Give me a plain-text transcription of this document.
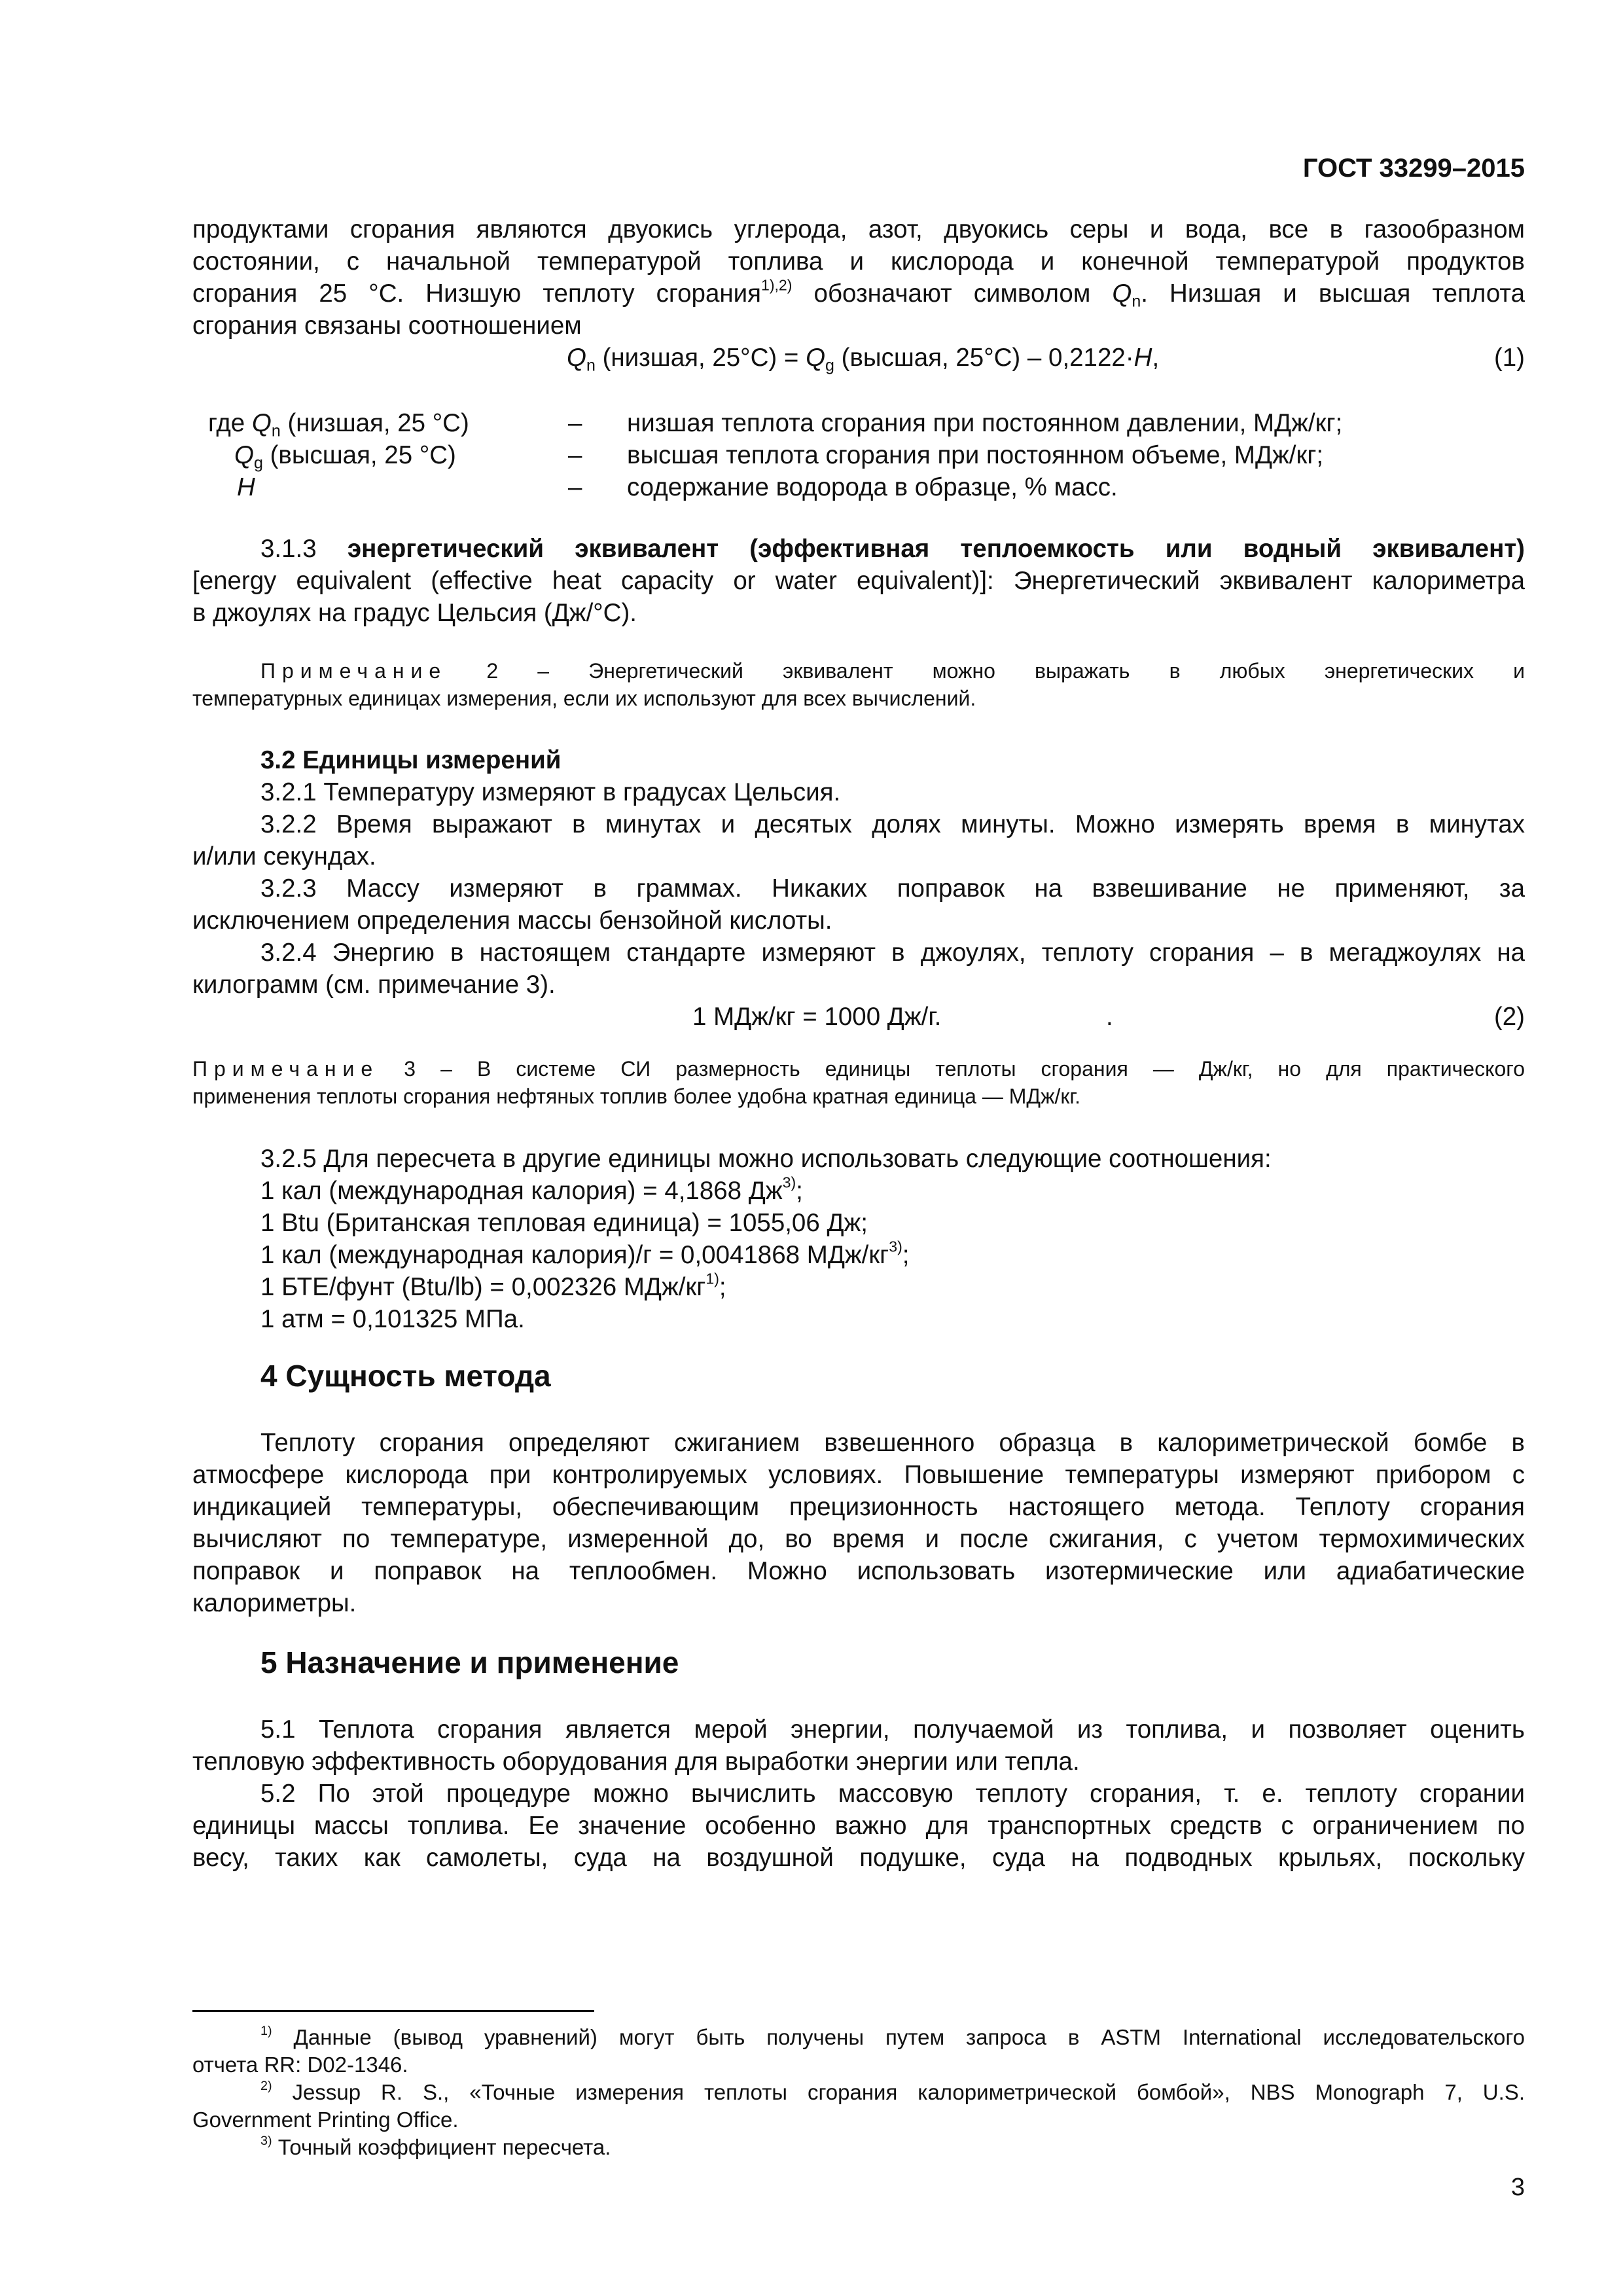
ГОСТ 33299–2015
продуктами сгорания являются двуокись углерода, азот, двуокись серы и вода, все в газообразном
состоянии, с начальной температурой топлива и кислорода и конечной температурой продуктов
сгорания 25 °C. Низшую теплоту сгорания$^{1),2)}$ обозначают символом $Q_n$. Низшая и высшая теплота
сгорания связаны соотношением
$Q_n$ (низшая, $25^\circ C) = Q_g$ (высшая, 25°C) – 0,2122·H,	(1)
где $Q_n$ (низшая, 25 °C)	– низшая теплота сгорания при постоянном давлении, МДж/кг;
$Q_g$ (высшая, 25 °C)	– высшая теплота сгорания при постоянном объеме, МДж/кг;
H	– содержание водорода в образце, % масс.
3.1.3 энергетический эквивалент (эффективная теплоемкость или водный эквивалент)
[energy equivalent (effective heat capacity or water equivalent)]: Энергетический эквивалент калориметра
в джоулях на градус Цельсия (Дж/°С).
Примечание 2 – Энергетический эквивалент можно выражать в любых энергетических и
температурных единицах измерения, если их используют для всех вычислений.
3.2 Единицы измерений
3.2.1 Температуру измеряют в градусах Цельсия.
3.2.2 Время выражают в минутах и десятых долях минуты. Можно измерять время в минутах
и/или секундах.
3.2.3 Массу измеряют в граммах. Никаких поправок на взвешивание не применяют, за
исключением определения массы бензойной кислоты.
3.2.4 Энергию в настоящем стандарте измеряют в джоулях, теплоту сгорания – в мегаджоулях на
килограмм (см. примечание 3).
1 МДж/кг = 1000 Дж/г.	.	(2)
Примечание 3 – В системе СИ размерность единицы теплоты сгорания — Дж/кг, но для практического
применения теплоты сгорания нефтяных топлив более удобна кратная единица — МДж/кг.
3.2.5 Для пересчета в другие единицы можно использовать следующие соотношения:
1 кал (международная калория) = 4,1868 $Дж^{3)}$;
1 Btu (Британская тепловая единица) = 1055,06 Дж;
1 кал (международная калория)/г = 0,0041868 МДж/$кг^{3)}$;
1 БТЕ/фунт (Btu/lb) = 0,002326 МДж/$кг^{1)}$;
1 атм = 0,101325 МПа.
4 Сущность метода
Теплоту сгорания определяют сжиганием взвешенного образца в калориметрической бомбе в
атмосфере кислорода при контролируемых условиях. Повышение температуры измеряют прибором с
индикацией температуры, обеспечивающим прецизионность настоящего метода. Теплоту сгорания
вычисляют по температуре, измеренной до, во время и после сжигания, с учетом термохимических
поправок и поправок на теплообмен. Можно использовать изотермические или адиабатические
калориметры.
5 Назначение и применение
5.1 Теплота сгорания является мерой энергии, получаемой из топлива, и позволяет оценить
тепловую эффективность оборудования для выработки энергии или тепла.
5.2 По этой процедуре можно вычислить массовую теплоту сгорания, т. е. теплоту сгорании
единицы массы топлива. Ее значение особенно важно для транспортных средств с ограничением по
весу, таких как самолеты, суда на воздушной подушке, суда на подводных крыльях, поскольку
$^{1)}$ Данные (вывод уравнений) могут быть получены путем запроса в ASTM International исследовательского
отчета RR: D02-1346.
$^{2)}$ Jessup R. S., «Точные измерения теплоты сгорания калориметрической бомбой», NBS Monograph 7, U.S.
Government Printing Office.
$^{3)}$ Точный коэффициент пересчета.
3
